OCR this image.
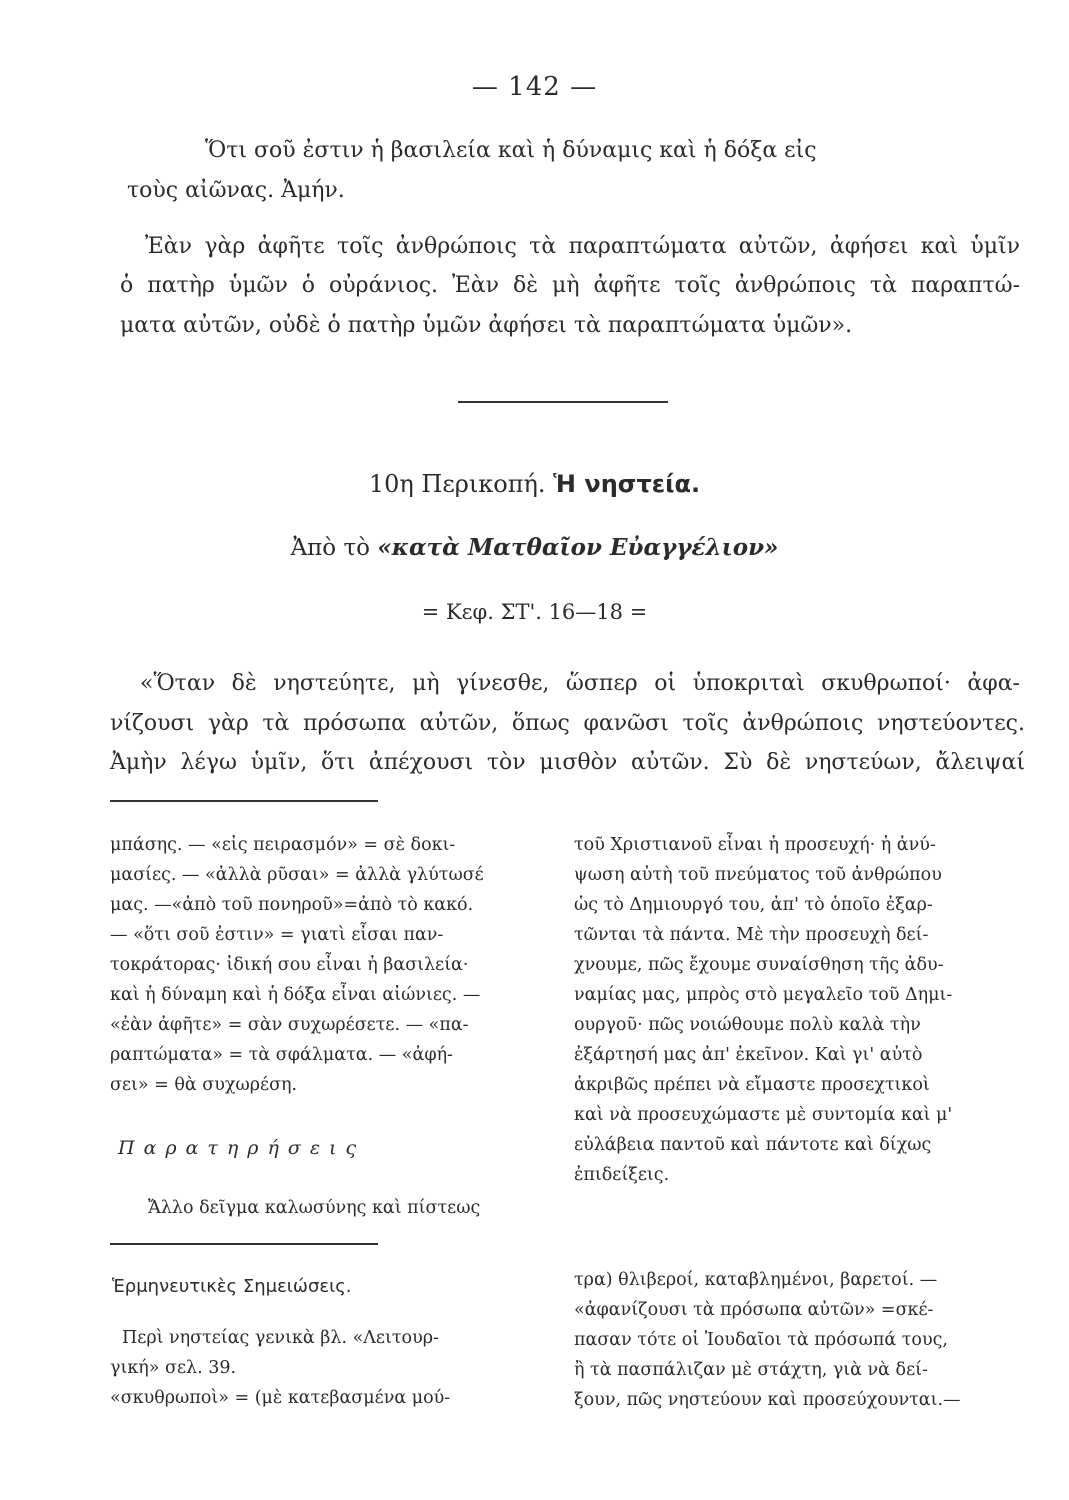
— 142 —
Ὅτι σοῦ ἐστιν ἡ βασιλεία καὶ ἡ δύναμις καὶ ἡ δόξα εἰς
τοὺς αἰῶνας. Ἀμήν.
Ἐὰν γὰρ ἀφῆτε τοῖς ἀνθρώποις τὰ παραπτώματα αὐτῶν, ἀφήσει καὶ ὑμῖν
ὁ πατὴρ ὑμῶν ὁ οὐράνιος. Ἐὰν δὲ μὴ ἀφῆτε τοῖς ἀνθρώποις τὰ παραπτώ-
ματα αὐτῶν, οὐδὲ ὁ πατὴρ ὑμῶν ἀφήσει τὰ παραπτώματα ὑμῶν».
10η Περικοπή. Ἡ νηστεία.
Ἀπὸ τὸ «κατὰ Ματθαῖον Εὐαγγέλιον»
= Κεφ. ΣΤ'. 16—18 =
«Ὅταν δὲ νηστεύητε, μὴ γίνεσθε, ὥσπερ οἱ ὑποκριταὶ σκυθρωποί· ἀφα-
νίζουσι γὰρ τὰ πρόσωπα αὐτῶν, ὅπως φανῶσι τοῖς ἀνθρώποις νηστεύοντες.
Ἀμὴν λέγω ὑμῖν, ὅτι ἀπέχουσι τὸν μισθὸν αὐτῶν. Σὺ δὲ νηστεύων, ἄλειψαί
μπάσης. — «εἰς πειρασμόν» = σὲ δοκι-
μασίες. — «ἀλλὰ ρῦσαι» = ἀλλὰ γλύτωσέ
μας. —«ἀπὸ τοῦ πονηροῦ»=ἀπὸ τὸ κακό.
— «ὅτι σοῦ ἐστιν» = γιατὶ εἶσαι παν-
τοκράτορας· ἰδική σου εἶναι ἡ βασιλεία·
καὶ ἡ δύναμη καὶ ἡ δόξα εἶναι αἰώνιες. —
«ἐὰν ἀφῆτε» = σὰν συχωρέσετε. — «πα-
ραπτώματα» = τὰ σφάλματα. — «ἀφή-
σει» = θὰ συχωρέση.
Παρατηρήσεις
Ἄλλο δεῖγμα καλωσύνης καὶ πίστεως
τοῦ Χριστιανοῦ εἶναι ἡ προσευχή· ἡ ἀνύ-
ψωση αὐτὴ τοῦ πνεύματος τοῦ ἀνθρώπου
ὡς τὸ Δημιουργό του, ἀπ' τὸ ὁποῖο ἐξαρ-
τῶνται τὰ πάντα. Μὲ τὴν προσευχὴ δεί-
χνουμε, πῶς ἔχουμε συναίσθηση τῆς ἀδυ-
ναμίας μας, μπρὸς στὸ μεγαλεῖο τοῦ Δημι-
ουργοῦ· πῶς νοιώθουμε πολὺ καλὰ τὴν
ἐξάρτησή μας ἀπ' ἐκεῖνον. Καὶ γι' αὐτὸ
ἀκριβῶς πρέπει νὰ εἴμαστε προσεχτικοὶ
καὶ νὰ προσευχώμαστε μὲ συντομία καὶ μ'
εὐλάβεια παντοῦ καὶ πάντοτε καὶ δίχως
ἐπιδείξεις.
Ἑρμηνευτικὲς Σημειώσεις.
Περὶ νηστείας γενικὰ βλ. «Λειτουρ-
γική» σελ. 39.
«σκυθρωποὶ» = (μὲ κατεβασμένα μού-
τρα) θλιβεροί, καταβλημένοι, βαρετοί. —
«ἀφανίζουσι τὰ πρόσωπα αὐτῶν» =σκέ-
πασαν τότε οἱ Ἰουδαῖοι τὰ πρόσωπά τους,
ἢ τὰ πασπάλιζαν μὲ στάχτη, γιὰ νὰ δεί-
ξουν, πῶς νηστεύουν καὶ προσεύχουνται.—
